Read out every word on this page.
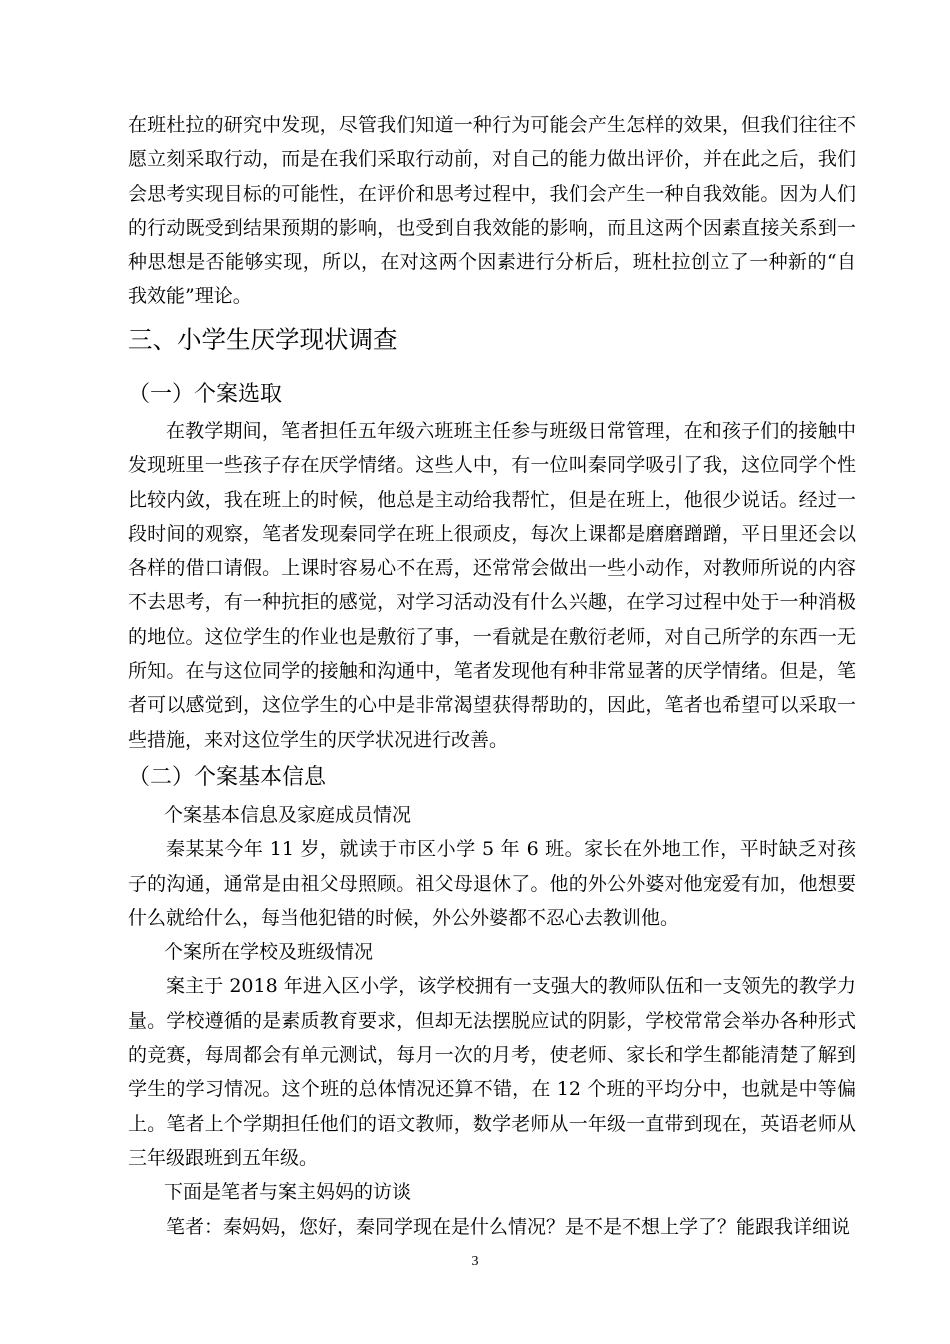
在班杜拉的研究中发现，尽管我们知道一种行为可能会产生怎样的效果，但我们往往不愿立刻采取行动，而是在我们采取行动前，对自己的能力做出评价，并在此之后，我们会思考实现目标的可能性，在评价和思考过程中，我们会产生一种自我效能。因为人们的行动既受到结果预期的影响，也受到自我效能的影响，而且这两个因素直接关系到一种思想是否能够实现，所以，在对这两个因素进行分析后，班杜拉创立了一种新的“自我效能”理论。

三、小学生厌学现状调查
（一）个案选取

在教学期间，笔者担任五年级六班班主任参与班级日常管理，在和孩子们的接触中发现班里一些孩子存在厌学情绪。这些人中，有一位叫秦同学吸引了我，这位同学个性比较内敛，我在班上的时候，他总是主动给我帮忙，但是在班上，他很少说话。经过一段时间的观察，笔者发现秦同学在班上很顽皮，每次上课都是磨磨蹭蹭，平日里还会以各样的借口请假。上课时容易心不在焉，还常常会做出一些小动作，对教师所说的内容不去思考，有一种抗拒的感觉，对学习活动没有什么兴趣，在学习过程中处于一种消极的地位。这位学生的作业也是敷衍了事，一看就是在敷衍老师，对自己所学的东西一无所知。在与这位同学的接触和沟通中，笔者发现他有种非常显著的厌学情绪。但是，笔者可以感觉到，这位学生的心中是非常渴望获得帮助的，因此，笔者也希望可以采取一些措施，来对这位学生的厌学状况进行改善。

（二）个案基本信息

个案基本信息及家庭成员情况

秦某某今年 11 岁，就读于市区小学 5 年 6 班。家长在外地工作，平时缺乏对孩子的沟通，通常是由祖父母照顾。祖父母退休了。他的外公外婆对他宠爱有加，他想要什么就给什么，每当他犯错的时候，外公外婆都不忍心去教训他。

个案所在学校及班级情况

案主于 2018 年进入区小学，该学校拥有一支强大的教师队伍和一支领先的教学力量。学校遵循的是素质教育要求，但却无法摆脱应试的阴影，学校常常会举办各种形式的竞赛，每周都会有单元测试，每月一次的月考，使老师、家长和学生都能清楚了解到学生的学习情况。这个班的总体情况还算不错，在 12 个班的平均分中，也就是中等偏上。笔者上个学期担任他们的语文教师，数学老师从一年级一直带到现在，英语老师从三年级跟班到五年级。

下面是笔者与案主妈妈的访谈

笔者：秦妈妈，您好，秦同学现在是什么情况？是不是不想上学了？能跟我详细说

3
